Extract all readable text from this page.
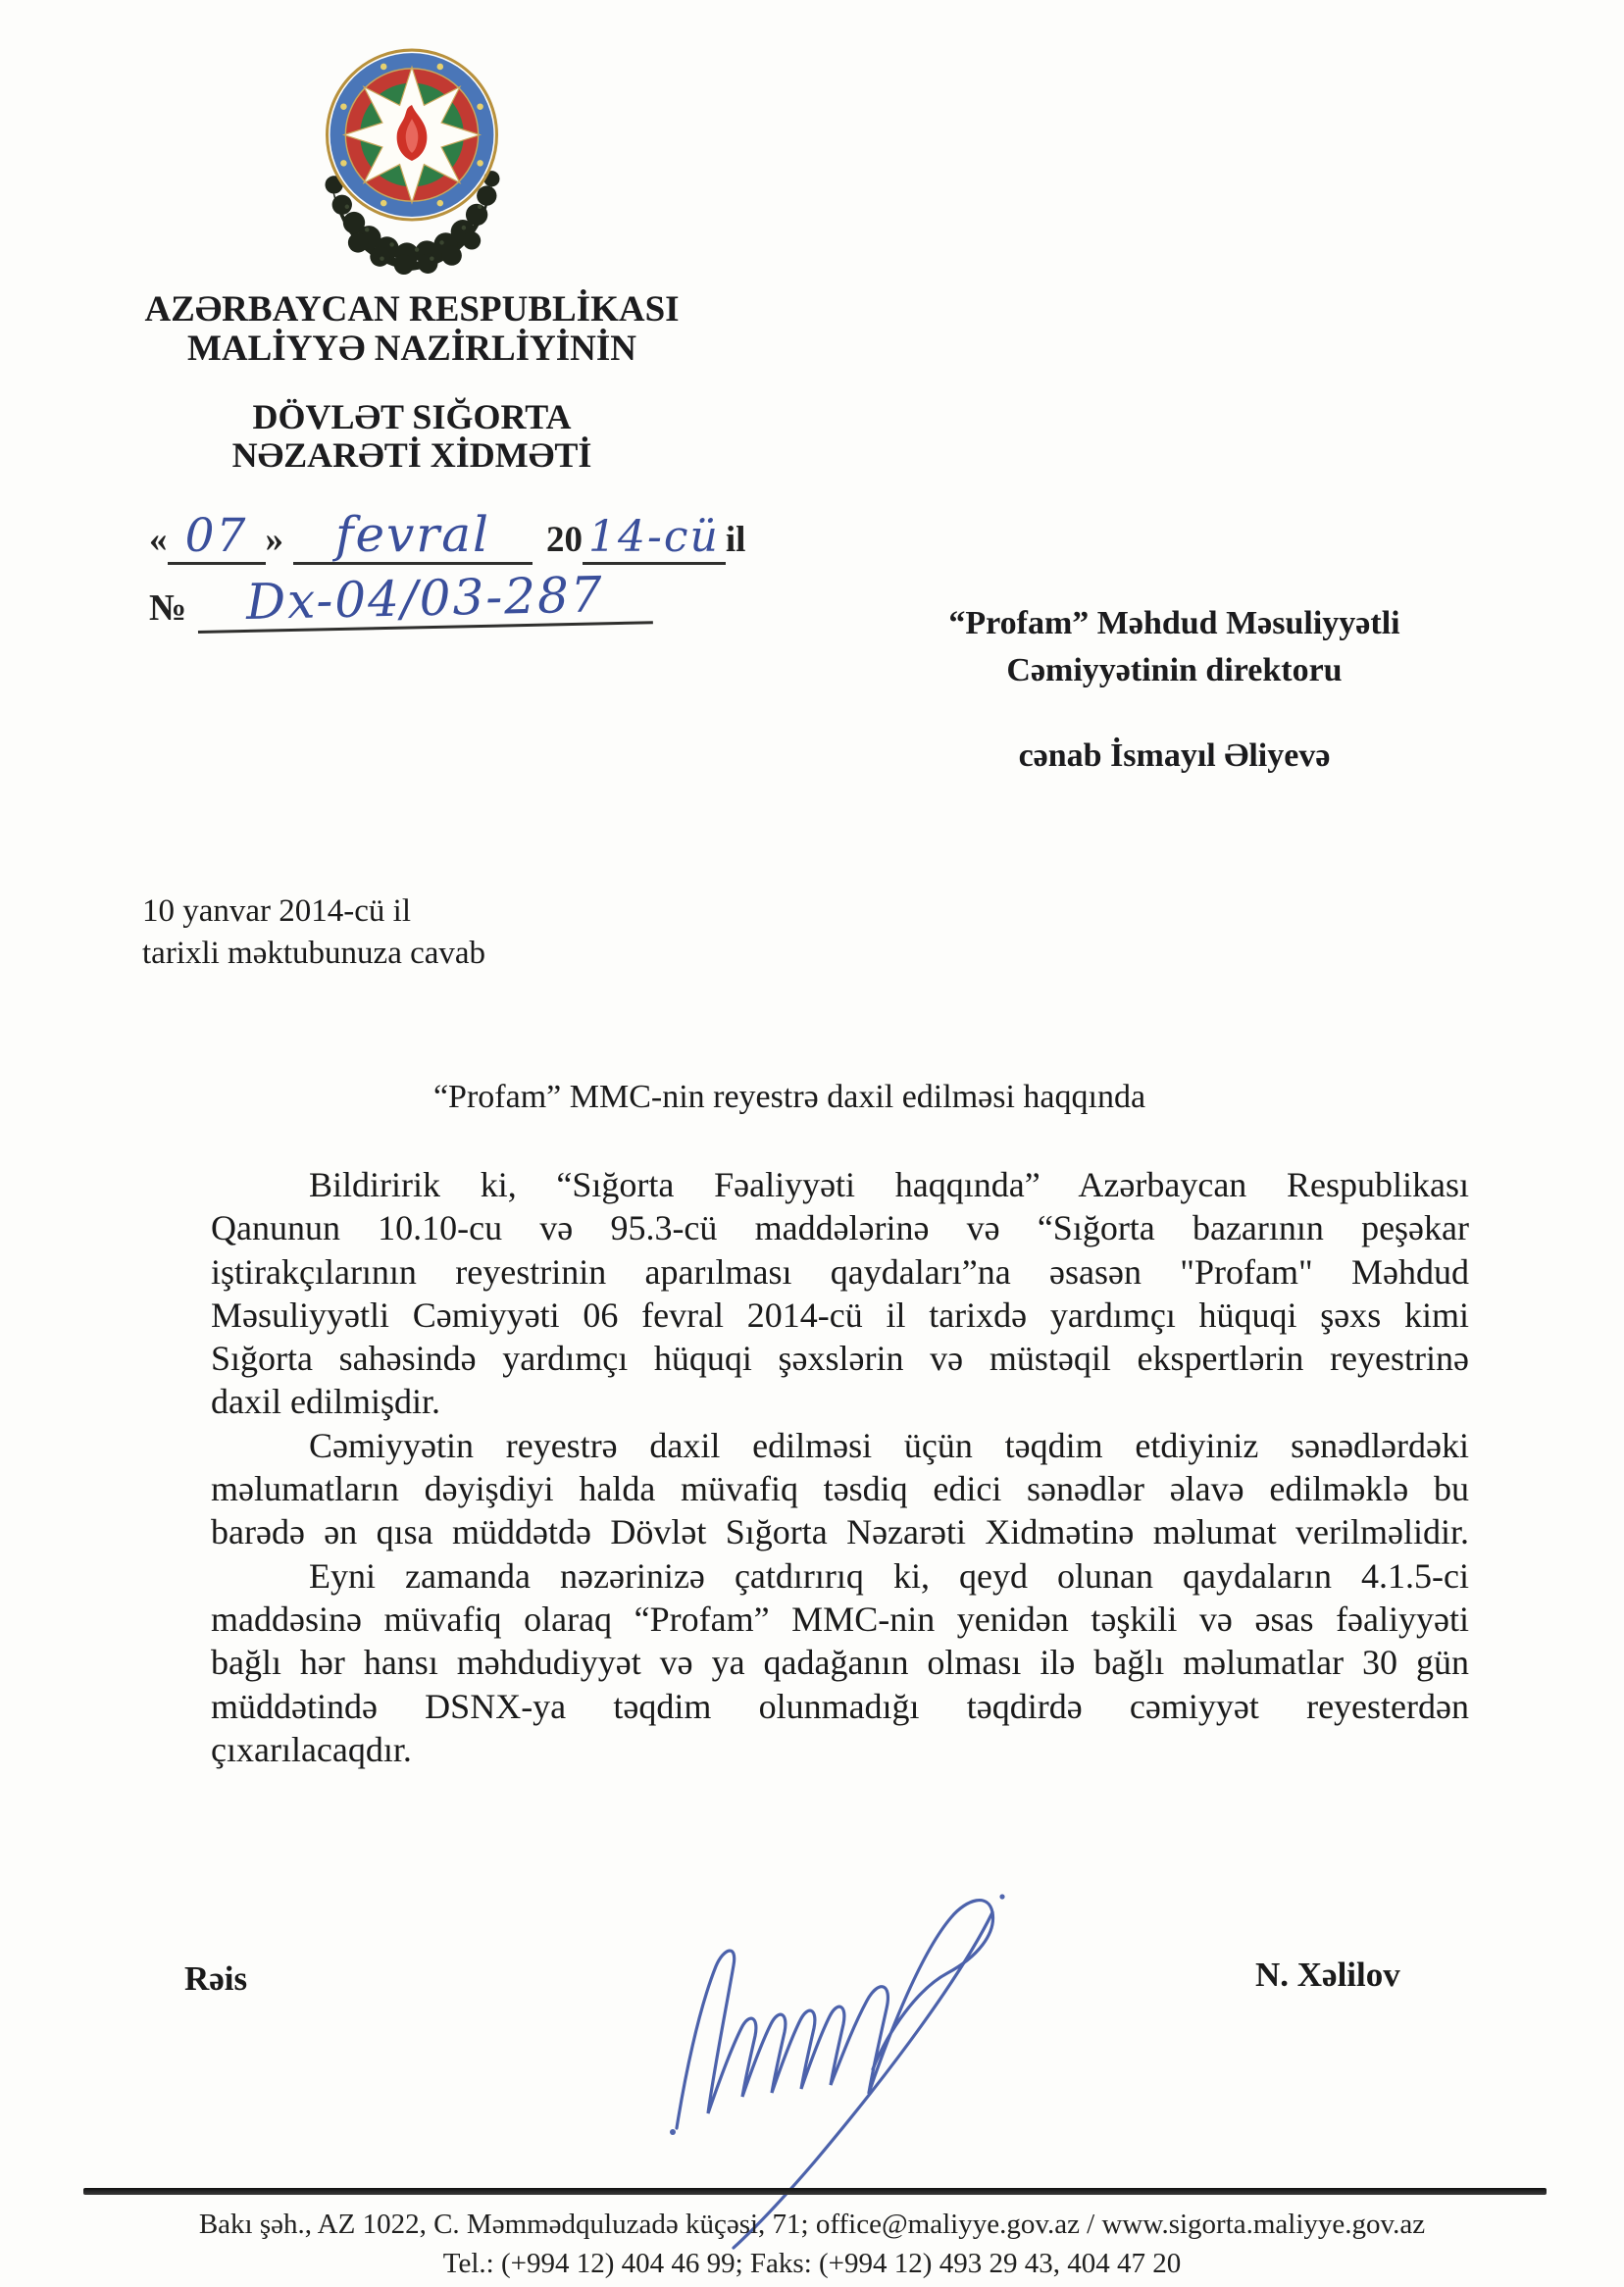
AZƏRBAYCAN RESPUBLİKASI
MALİYYƏ NAZİRLİYİNİN
DÖVLƏT SIĞORTA
NƏZARƏTİ XİDMƏTİ
« 07 » fevral 20 14-cü il
№ Dx-04/03-287	“Profam” Məhdud Məsuliyyətli
Cəmiyyətinin direktoru
cənab İsmayıl Əliyevə
10 yanvar 2014-cü il
tarixli məktubunuza cavab
“Profam” MMC-nin reyestrə daxil edilməsi haqqında
Bildiririk ki, “Sığorta Fəaliyyəti haqqında” Azərbaycan Respublikası
Qanunun 10.10-cu və 95.3-cü maddələrinə və “Sığorta bazarının peşəkar
iştirakçılarının reyestrinin aparılması qaydaları”na əsasən "Profam" Məhdud
Məsuliyyətli Cəmiyyəti 06 fevral 2014-cü il tarixdə yardımçı hüquqi şəxs kimi
Sığorta sahəsində yardımçı hüquqi şəxslərin və müstəqil ekspertlərin reyestrinə
daxil edilmişdir.
Cəmiyyətin reyestrə daxil edilməsi üçün təqdim etdiyiniz sənədlərdəki
məlumatların dəyişdiyi halda müvafiq təsdiq edici sənədlər əlavə edilməklə bu
barədə ən qısa müddətdə Dövlət Sığorta Nəzarəti Xidmətinə məlumat verilməlidir.
Eyni zamanda nəzərinizə çatdırırıq ki, qeyd olunan qaydaların 4.1.5-ci
maddəsinə müvafiq olaraq “Profam” MMC-nin yenidən təşkili və əsas fəaliyyəti
bağlı hər hansı məhdudiyyət və ya qadağanın olması ilə bağlı məlumatlar 30 gün
müddətində DSNX-ya təqdim olunmadığı təqdirdə cəmiyyət reyesterdən
çıxarılacaqdır.
Rəis	N. Xəlilov
Bakı şəh., AZ 1022, C. Məmmədquluzadə küçəsi, 71; office@maliyye.gov.az / www.sigorta.maliyye.gov.az
Tel.: (+994 12) 404 46 99; Faks: (+994 12) 493 29 43, 404 47 20
